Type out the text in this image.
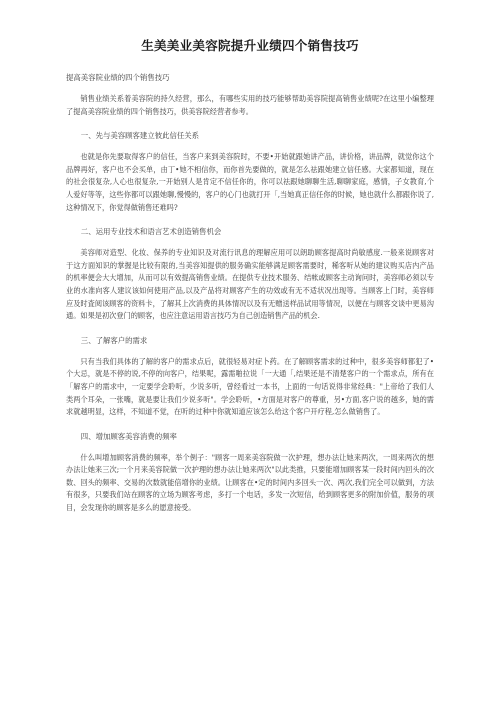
生美美业美容院提升业绩四个销售技巧

提高美容院业绩的四个销售技巧

销售业绩关系着美容院的持久经营，那么，有哪些实用的技巧能够帮助美容院提高销售业绩呢?在这里小编整理了提高美容院业绩的四个销售技巧，供美容院经营者参考。

一、先与美容顾客建立彼此信任关系

也就是你先要取得客户的信任，当客户来到美容院时，不要•开始就跟她讲产品，讲价格，讲品牌，就觉你这个品牌再好，客户也不会买单，由丁•她不相信你，而你首先要做的，就是怎么祛跟她建立信任感。大家都知道，现在的社会很复杂,人心也很复杂,一开始别人是肯定不信任你的，你可以祛跟她聊聊生活,聊聊家庭，感情，子女教育,个人爱好等等，这些你都可以跟她聊,慢慢的，客户的心门也就打开「,当她真正信任你的时候，她也就什么都跟你说了,这种情况下，你觉得做销售还难吗?

二、运用专业技术和语言艺术创造销售机会

美容师对造型、化妆、保养的专业知识及对流行讯息的理解应用可以朗助顾客提高时尚敏感度.一般来说顾客对于这方面知识的掌握是比较有限的,当美容知提供的服务确实能够满足顾客需要时，稀客听从她的建议购买店内产品的机率便会大大增加，从而可以有效提高销售业绩。在提供专业技术服务、结帐或顾客主动询问时，美容师必须以专业的水准向客人建议该如何使用产品,以及产品将对顾客产生的功效或有无不适状况出现等。当顾客上门时，美容师应及时査阅该顾客的资料卡，了解其上次消费的具体情况以及有无赠送样品试用等情况，以便在与顾客交谈中更易沟通。如果是初次登门的顾客，也应注意运用语言技巧为自己创造销售产品的机会.

三、了解客户的需求

只有当我们具体的了解的客户的需求点后，就很轻易对症卜药。在了解顾客需求的过种中，很多美容师都犯了•个大忌，就是不停的说,不停的向客户，结果呢，露需啪拉说「一大通「,结果还是不清楚客户的一个需求点，所有在「解客户的需求中，一定要学会聆听，少说多听，曾经看过一本书，上面的一句话说得非常经典："上帝给了我们人类两个耳朵，一张嘴，就是要让我们少说多听"。学会聆听，•方面是对客户的尊重，另•方面,客户说的越多，她的需求就越明显，这样，不知道不觉，在听的过种中你就知道应该怎么给这个客户开疗程,怎么做销售了。

四、增加顾客美容消费的频率

什么叫增加顾客消费的频率，举个例子："顾客一周来美容院做一次护理，想办法让她来两次，一周来两次的想办法让她来三次;一个月来美容院做一次护理的想办法让她来两次"以此类推，只要能增加顾客某一段时间内回头的次数、回头的频率、交易的次数就能倍增你的业绩。让顾客在•定的时间内多回头一次、两次,我们完全可以做到，方法有很多，只要我们站在顾客的立场为顾客考虑，多打一个电话，多发一次短信，给到顾客更多的附加价值，服务的项目，会发现你的顾客是多么的愿意接受。
